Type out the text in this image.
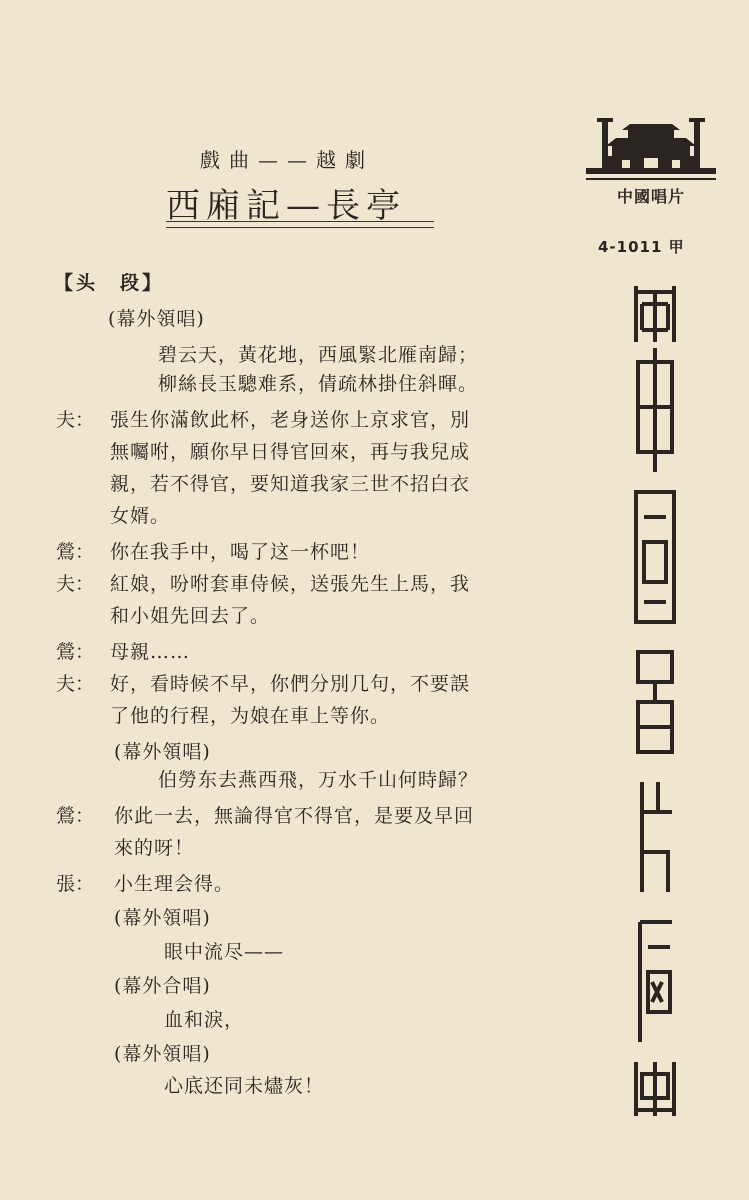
戲曲——越劇
西廂記—長亭	中國唱片
4-1011 甲
【头　段】
(幕外領唱)
碧云天，黃花地，西風緊北雁南歸；
柳絲長玉驄难系，倩疏林掛住斜暉。
夫： 張生你滿飲此杯，老身送你上京求官，別
無囑咐，願你早日得官回來，再与我兒成
親，若不得官，要知道我家三世不招白衣
女婿。
鶯： 你在我手中，喝了这一杯吧！
夫： 紅娘，吩咐套車侍候，送張先生上馬，我
和小姐先回去了。
鶯： 母親……
夫： 好，看時候不早，你們分別几句，不要誤
了他的行程，为娘在車上等你。
(幕外領唱)
伯勞东去燕西飛，万水千山何時歸？
鶯： 你此一去，無論得官不得官，是要及早回
來的呀！
張： 小生理会得。
(幕外領唱)
眼中流尽——
(幕外合唱)
血和淚，
(幕外領唱)
心底还同未燼灰！
